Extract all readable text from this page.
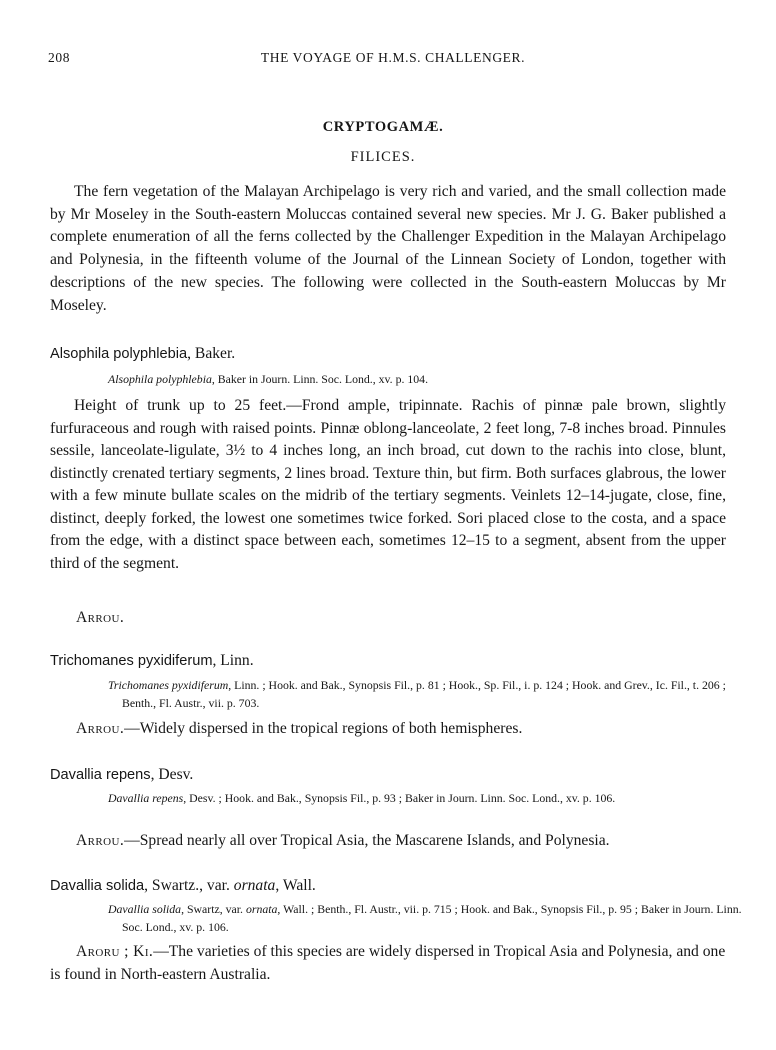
208	THE VOYAGE OF H.M.S. CHALLENGER.
CRYPTOGAMÆ.
FILICES.

The fern vegetation of the Malayan Archipelago is very rich and varied, and the small collection made by Mr Moseley in the South-eastern Moluccas contained several new species. Mr J. G. Baker published a complete enumeration of all the ferns collected by the Challenger Expedition in the Malayan Archipelago and Polynesia, in the fifteenth volume of the Journal of the Linnean Society of London, together with descriptions of the new species. The following were collected in the South-eastern Moluccas by Mr Moseley.

Alsophila polyphlebia, Baker.

Alsophila polyphlebia, Baker in Journ. Linn. Soc. Lond., xv. p. 104.

Height of trunk up to 25 feet.—Frond ample, tripinnate. Rachis of pinnæ pale brown, slightly furfuraceous and rough with raised points. Pinnæ oblong-lanceolate, 2 feet long, 7-8 inches broad. Pinnules sessile, lanceolate-ligulate, 3½ to 4 inches long, an inch broad, cut down to the rachis into close, blunt, distinctly crenated tertiary segments, 2 lines broad. Texture thin, but firm. Both surfaces glabrous, the lower with a few minute bullate scales on the midrib of the tertiary segments. Veinlets 12–14-jugate, close, fine, distinct, deeply forked, the lowest one sometimes twice forked. Sori placed close to the costa, and a space from the edge, with a distinct space between each, sometimes 12–15 to a segment, absent from the upper third of the segment.

Arrou.

Trichomanes pyxidiferum, Linn.

Trichomanes pyxidiferum, Linn. ; Hook. and Bak., Synopsis Fil., p. 81 ; Hook., Sp. Fil., i. p. 124 ; Hook. and Grev., Ic. Fil., t. 206 ; Benth., Fl. Austr., vii. p. 703.

Arrou.—Widely dispersed in the tropical regions of both hemispheres.

Davallia repens, Desv.

Davallia repens, Desv. ; Hook. and Bak., Synopsis Fil., p. 93 ; Baker in Journ. Linn. Soc. Lond., xv. p. 106.

Arrou.—Spread nearly all over Tropical Asia, the Mascarene Islands, and Polynesia.

Davallia solida, Swartz., var. ornata, Wall.

Davallia solida, Swartz, var. ornata, Wall. ; Benth., Fl. Austr., vii. p. 715 ; Hook. and Bak., Synopsis Fil., p. 95 ; Baker in Journ. Linn. Soc. Lond., xv. p. 106.

Aroru ; Ki.—The varieties of this species are widely dispersed in Tropical Asia and Polynesia, and one is found in North-eastern Australia.
